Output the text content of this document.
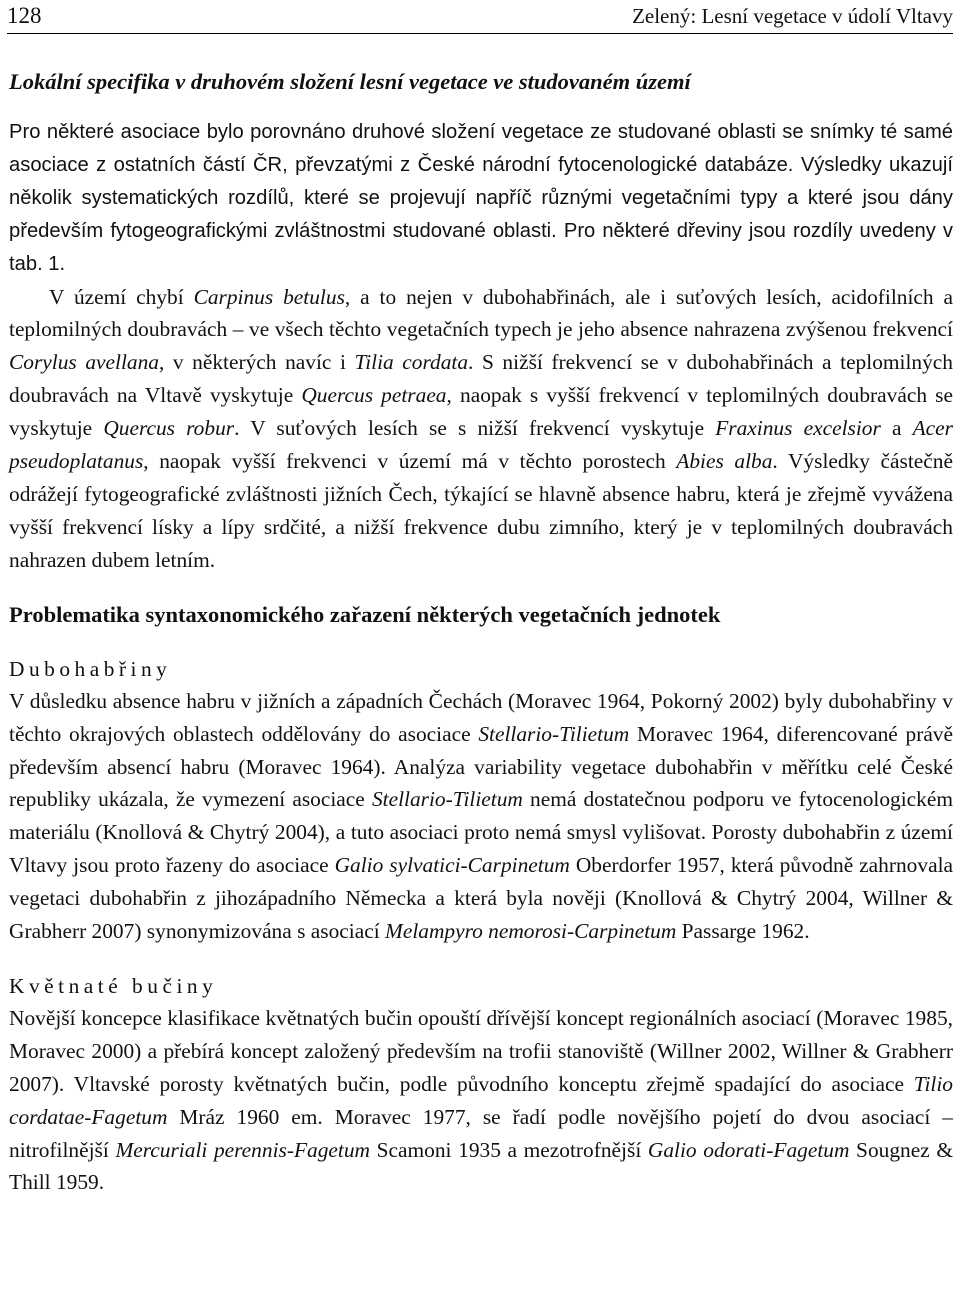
128	Zelený: Lesní vegetace v údolí Vltavy
Lokální specifika v druhovém složení lesní vegetace ve studovaném území

Pro některé asociace bylo porovnáno druhové složení vegetace ze studované oblasti se snímky té samé asociace z ostatních částí ČR, převzatými z České národní fytocenologické databáze. Výsledky ukazují několik systematických rozdílů, které se projevují napříč různými vegetačními typy a které jsou dány především fytogeografickými zvláštnostmi studované oblasti. Pro některé dřeviny jsou rozdíly uvedeny v tab. 1.

V území chybí Carpinus betulus, a to nejen v dubohabřinách, ale i suťových lesích, acidofilních a teplomilných doubravách – ve všech těchto vegetačních typech je jeho absence nahrazena zvýšenou frekvencí Corylus avellana, v některých navíc i Tilia cordata. S nižší frekvencí se v dubohabřinách a teplomilných doubravách na Vltavě vyskytuje Quercus petraea, naopak s vyšší frekvencí v teplomilných doubravách se vyskytuje Quercus robur. V suťových lesích se s nižší frekvencí vyskytuje Fraxinus excelsior a Acer pseudoplatanus, naopak vyšší frekvenci v území má v těchto porostech Abies alba. Výsledky částečně odrážejí fytogeografické zvláštnosti jižních Čech, týkající se hlavně absence habru, která je zřejmě vyvážena vyšší frekvencí lísky a lípy srdčité, a nižší frekvence dubu zimního, který je v teplomilných doubravách nahrazen dubem letním.

Problematika syntaxonomického zařazení některých vegetačních jednotek

Dubohabřiny

V důsledku absence habru v jižních a západních Čechách (Moravec 1964, Pokorný 2002) byly dubohabřiny v těchto okrajových oblastech oddělovány do asociace Stellario-Tilietum Moravec 1964, diferencované právě především absencí habru (Moravec 1964). Analýza variability vegetace dubohabřin v měřítku celé České republiky ukázala, že vymezení asociace Stellario-Tilietum nemá dostatečnou podporu ve fytocenologickém materiálu (Knollová & Chytrý 2004), a tuto asociaci proto nemá smysl vylišovat. Porosty dubohabřin z území Vltavy jsou proto řazeny do asociace Galio sylvatici-Carpinetum Oberdorfer 1957, která původně zahrnovala vegetaci dubohabřin z jihozápadního Německa a která byla nověji (Knollová & Chytrý 2004, Willner & Grabherr 2007) synonymizována s asociací Melampyro nemorosi-Carpinetum Passarge 1962.

Květnaté bučiny

Novější koncepce klasifikace květnatých bučin opouští dřívější koncept regionálních asociací (Moravec 1985, Moravec 2000) a přebírá koncept založený především na trofii stanoviště (Willner 2002, Willner & Grabherr 2007). Vltavské porosty květnatých bučin, podle původního konceptu zřejmě spadající do asociace Tilio cordatae-Fagetum Mráz 1960 em. Moravec 1977, se řadí podle novějšího pojetí do dvou asociací – nitrofilnější Mercuriali perennis-Fagetum Scamoni 1935 a mezotrofnější Galio odorati-Fagetum Sougnez & Thill 1959.
